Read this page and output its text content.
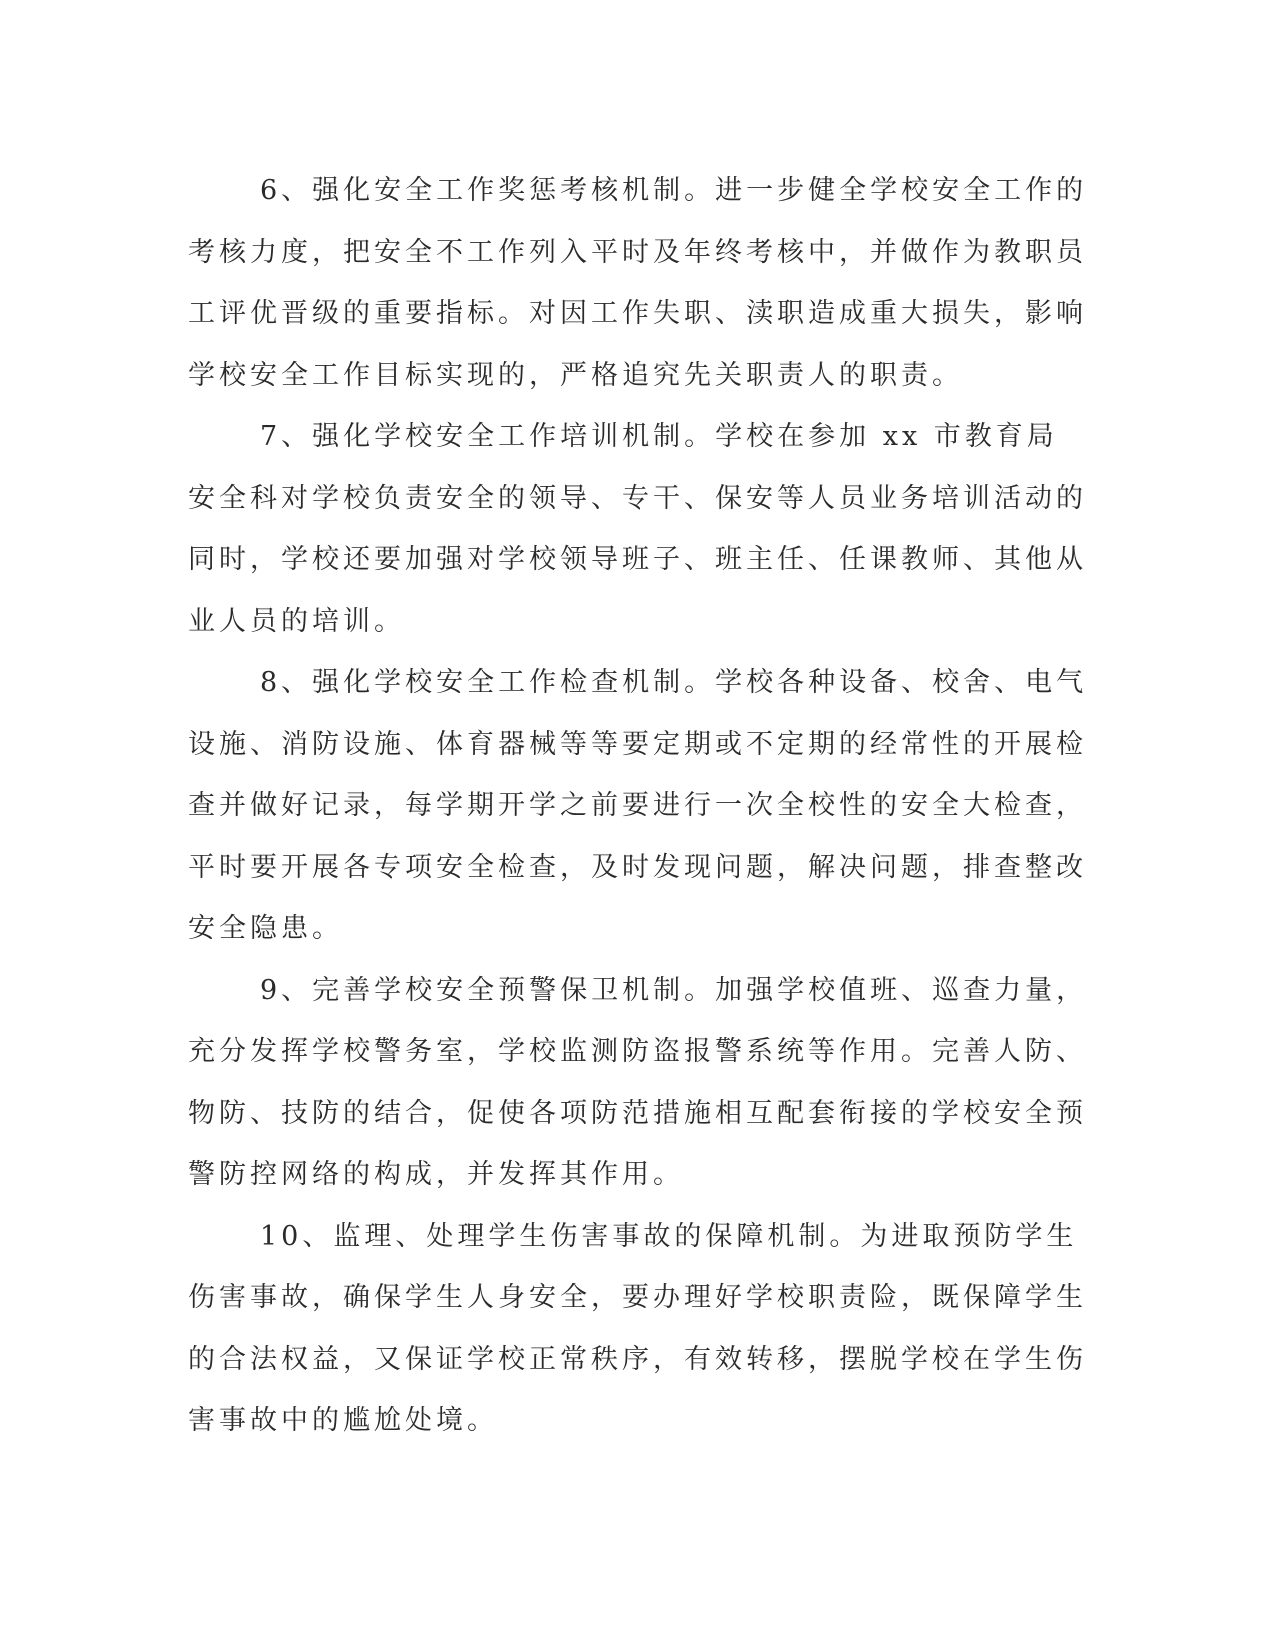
6、强化安全工作奖惩考核机制。进一步健全学校安全工作的考核力度，把安全不工作列入平时及年终考核中，并做作为教职员工评优晋级的重要指标。对因工作失职、渎职造成重大损失，影响学校安全工作目标实现的，严格追究先关职责人的职责。

7、强化学校安全工作培训机制。学校在参加 xx 市教育局安全科对学校负责安全的领导、专干、保安等人员业务培训活动的同时，学校还要加强对学校领导班子、班主任、任课教师、其他从业人员的培训。

8、强化学校安全工作检查机制。学校各种设备、校舍、电气设施、消防设施、体育器械等等要定期或不定期的经常性的开展检查并做好记录，每学期开学之前要进行一次全校性的安全大检查，平时要开展各专项安全检查，及时发现问题，解决问题，排查整改安全隐患。

9、完善学校安全预警保卫机制。加强学校值班、巡查力量，充分发挥学校警务室，学校监测防盗报警系统等作用。完善人防、物防、技防的结合，促使各项防范措施相互配套衔接的学校安全预警防控网络的构成，并发挥其作用。

10、监理、处理学生伤害事故的保障机制。为进取预防学生伤害事故，确保学生人身安全，要办理好学校职责险，既保障学生的合法权益，又保证学校正常秩序，有效转移，摆脱学校在学生伤害事故中的尴尬处境。
